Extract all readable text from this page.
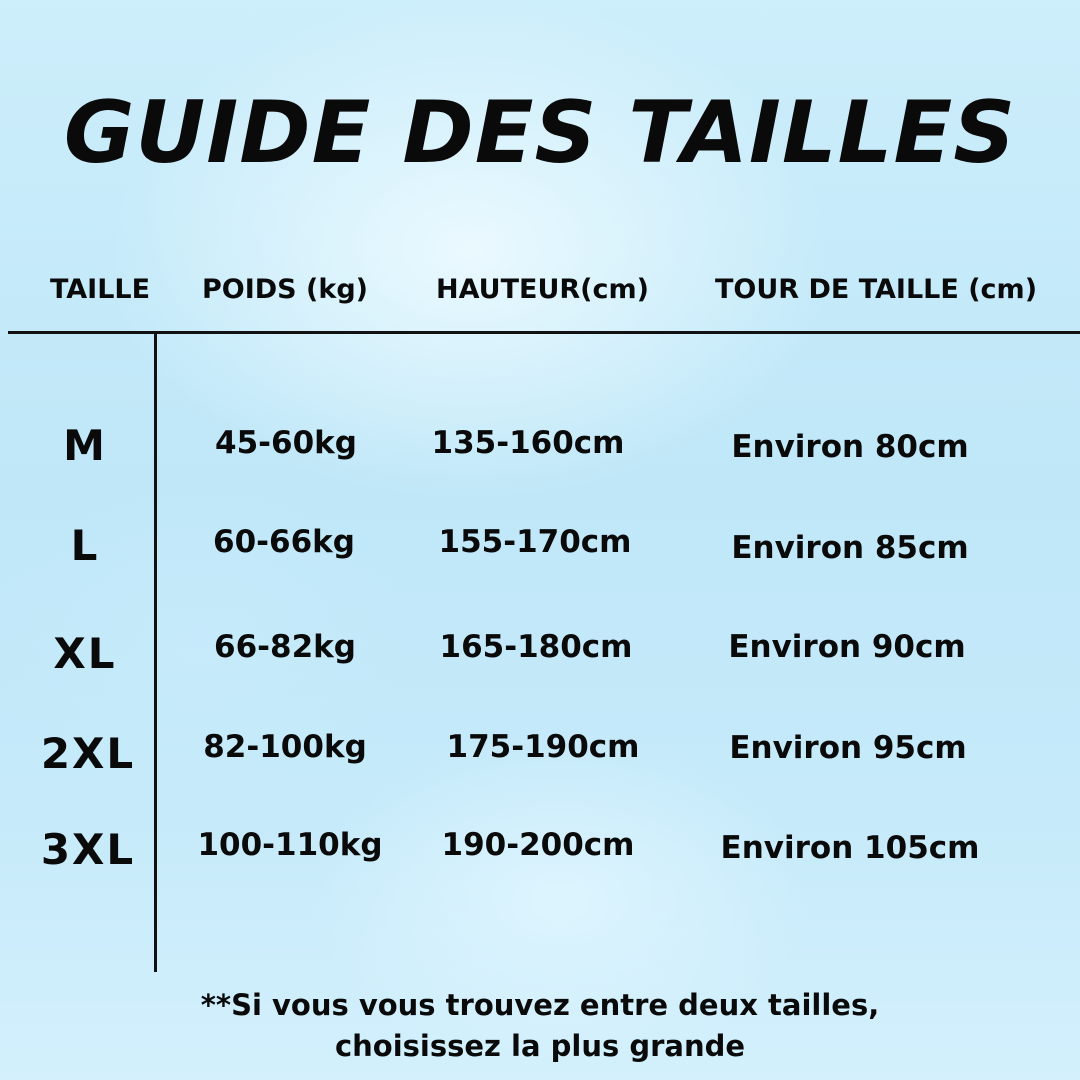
GUIDE DES TAILLES
TAILLE	POIDS (kg)	HAUTEUR(cm)	TOUR DE TAILLE (cm)
M	45-60kg	135-160cm	Environ 80cm
L	60-66kg	155-170cm	Environ 85cm
XL	66-82kg	165-180cm	Environ 90cm
2XL	82-100kg	175-190cm	Environ 95cm
3XL	100-110kg	190-200cm	Environ 105cm
**Si vous vous trouvez entre deux tailles,
choisissez la plus grande
